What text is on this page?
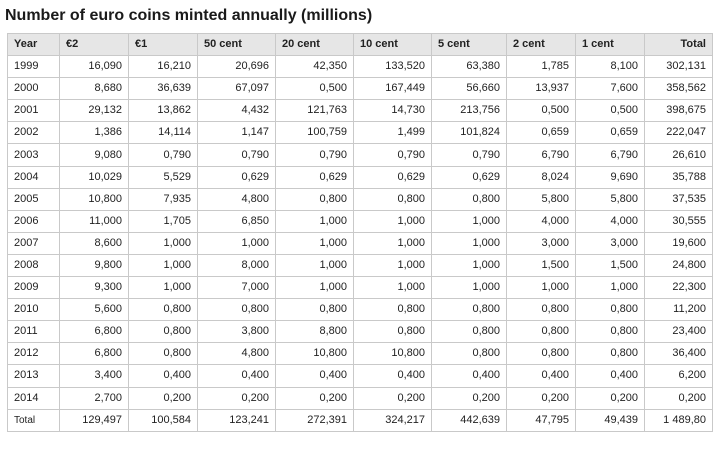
Number of euro coins minted annually (millions)
Year	€2	€1	50 cent	20 cent	10 cent	5 cent	2 cent	1 cent	Total
1999	16,090	16,210	20,696	42,350	133,520	63,380	1,785	8,100	302,131
2000	8,680	36,639	67,097	0,500	167,449	56,660	13,937	7,600	358,562
2001	29,132	13,862	4,432	121,763	14,730	213,756	0,500	0,500	398,675
2002	1,386	14,114	1,147	100,759	1,499	101,824	0,659	0,659	222,047
2003	9,080	0,790	0,790	0,790	0,790	0,790	6,790	6,790	26,610
2004	10,029	5,529	0,629	0,629	0,629	0,629	8,024	9,690	35,788
2005	10,800	7,935	4,800	0,800	0,800	0,800	5,800	5,800	37,535
2006	11,000	1,705	6,850	1,000	1,000	1,000	4,000	4,000	30,555
2007	8,600	1,000	1,000	1,000	1,000	1,000	3,000	3,000	19,600
2008	9,800	1,000	8,000	1,000	1,000	1,000	1,500	1,500	24,800
2009	9,300	1,000	7,000	1,000	1,000	1,000	1,000	1,000	22,300
2010	5,600	0,800	0,800	0,800	0,800	0,800	0,800	0,800	11,200
2011	6,800	0,800	3,800	8,800	0,800	0,800	0,800	0,800	23,400
2012	6,800	0,800	4,800	10,800	10,800	0,800	0,800	0,800	36,400
2013	3,400	0,400	0,400	0,400	0,400	0,400	0,400	0,400	6,200
2014	2,700	0,200	0,200	0,200	0,200	0,200	0,200	0,200	0,200
Total	129,497	100,584	123,241	272,391	324,217	442,639	47,795	49,439	1 489,80
